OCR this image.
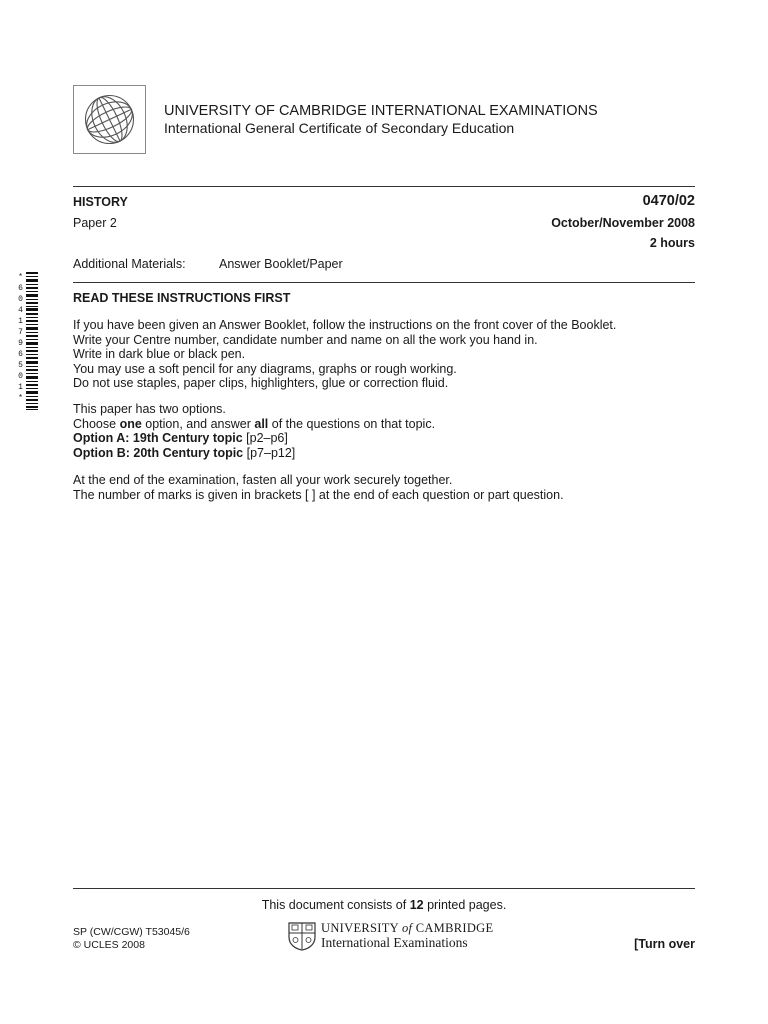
UNIVERSITY OF CAMBRIDGE INTERNATIONAL EXAMINATIONS
International General Certificate of Secondary Education
HISTORY	0470/02
Paper 2	October/November 2008
2 hours
Additional Materials:	Answer Booklet/Paper
*
6
0
4
1
7
9
6
5
0
1
*
READ THESE INSTRUCTIONS FIRST
If you have been given an Answer Booklet, follow the instructions on the front cover of the Booklet.
Write your Centre number, candidate number and name on all the work you hand in.
Write in dark blue or black pen.
You may use a soft pencil for any diagrams, graphs or rough working.
Do not use staples, paper clips, highlighters, glue or correction fluid.
This paper has two options.
Choose one option, and answer all of the questions on that topic.
Option A: 19th Century topic [p2–p6]
Option B: 20th Century topic [p7–p12]
At the end of the examination, fasten all your work securely together.
The number of marks is given in brackets [ ] at the end of each question or part question.
This document consists of 12 printed pages.
SP (CW/CGW) T53045/6
© UCLES 2008
UNIVERSITY of CAMBRIDGE
International Examinations	[Turn over
